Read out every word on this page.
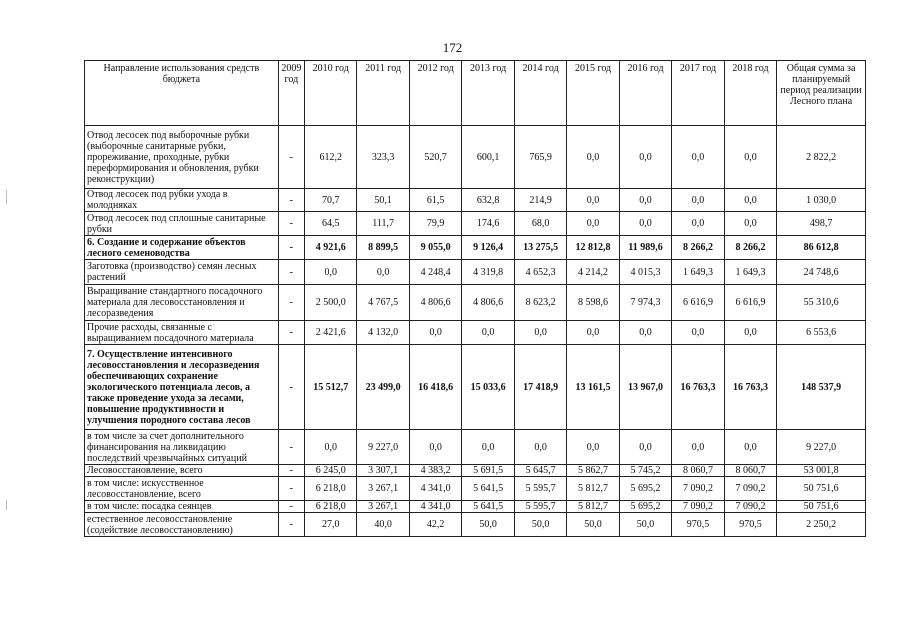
172
Направление использования средств бюджета	2009 год	2010 год	2011 год	2012 год	2013 год	2014 год	2015 год	2016 год	2017 год	2018 год	Общая сумма за планируемый период реализации Лесного плана
Отвод лесосек под выборочные рубки (выборочные санитарные рубки, прореживание, проходные, рубки переформирования и обновления, рубки реконструкции)	-	612,2	323,3	520,7	600,1	765,9	0,0	0,0	0,0	0,0	2 822,2
Отвод лесосек под рубки ухода в молодняках	-	70,7	50,1	61,5	632,8	214,9	0,0	0,0	0,0	0,0	1 030,0
Отвод лесосек под сплошные санитарные рубки	-	64,5	111,7	79,9	174,6	68,0	0,0	0,0	0,0	0,0	498,7
6. Создание и содержание объектов лесного семеноводства	-	4 921,6	8 899,5	9 055,0	9 126,4	13 275,5	12 812,8	11 989,6	8 266,2	8 266,2	86 612,8
Заготовка (производство) семян лесных растений	-	0,0	0,0	4 248,4	4 319,8	4 652,3	4 214,2	4 015,3	1 649,3	1 649,3	24 748,6
Выращивание стандартного посадочного материала для лесовосстановления и лесоразведения	-	2 500,0	4 767,5	4 806,6	4 806,6	8 623,2	8 598,6	7 974,3	6 616,9	6 616,9	55 310,6
Прочие расходы, связанные с выращиванием посадочного материала	-	2 421,6	4 132,0	0,0	0,0	0,0	0,0	0,0	0,0	0,0	6 553,6
7. Осуществление интенсивного лесовосстановления и лесоразведения обеспечивающих сохранение экологического потенциала лесов, а также проведение ухода за лесами, повышение продуктивности и улучшения породного состава лесов	-	15 512,7	23 499,0	16 418,6	15 033,6	17 418,9	13 161,5	13 967,0	16 763,3	16 763,3	148 537,9
в том числе за счет дополнительного финансирования на ликвидацию последствий чрезвычайных ситуаций	-	0,0	9 227,0	0,0	0,0	0,0	0,0	0,0	0,0	0,0	9 227,0
Лесовосстановление, всего	-	6 245,0	3 307,1	4 383,2	5 691,5	5 645,7	5 862,7	5 745,2	8 060,7	8 060,7	53 001,8
в том числе: искусственное лесовосстановление, всего	-	6 218,0	3 267,1	4 341,0	5 641,5	5 595,7	5 812,7	5 695,2	7 090,2	7 090,2	50 751,6
в том числе: посадка сеянцев	-	6 218,0	3 267,1	4 341,0	5 641,5	5 595,7	5 812,7	5 695,2	7 090,2	7 090,2	50 751,6
естественное лесовосстановление (содействие лесовосстановлению)	-	27,0	40,0	42,2	50,0	50,0	50,0	50,0	970,5	970,5	2 250,2
